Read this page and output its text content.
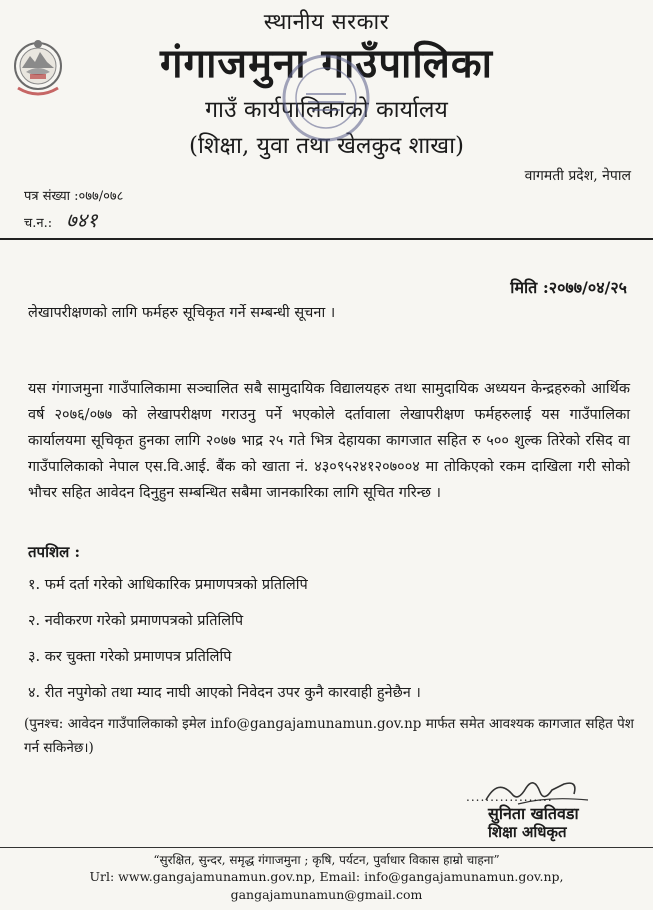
स्थानीय सरकार
गंगाजमुना गाउँपालिका
गाउँ कार्यपालिकाको कार्यालय
(शिक्षा, युवा तथा खेलकुद शाखा)
वागमती प्रदेश, नेपाल
पत्र संख्या :०७७/०७८
च.न.: ७४१
मिति :२०७७/०४/२५
लेखापरीक्षणको लागि फर्महरु सूचिकृत गर्ने सम्बन्धी सूचना ।
यस गंगाजमुना गाउँपालिकामा सञ्चालित सबै सामुदायिक विद्यालयहरु तथा सामुदायिक अध्ययन केन्द्रहरुको आर्थिक वर्ष २०७६/०७७ को लेखापरीक्षण गराउनु पर्ने भएकोले दर्तावाला लेखापरीक्षण फर्महरुलाई यस गाउँपालिका कार्यालयमा सूचिकृत हुनका लागि २०७७ भाद्र २५ गते भित्र देहायका कागजात सहित रु ५०० शुल्क तिरेको रसिद वा गाउँपालिकाको नेपाल एस.वि.आई. बैंक को खाता नं. ४३०९५२४१२०७००४ मा तोकिएको रकम दाखिला गरी सोको भौचर सहित आवेदन दिनुहुन सम्बन्धित सबैमा जानकारिका लागि सूचित गरिन्छ ।
तपशिल :
१. फर्म दर्ता गरेको आधिकारिक प्रमाणपत्रको प्रतिलिपि
२. नवीकरण गरेको प्रमाणपत्रको प्रतिलिपि
३. कर चुक्ता गरेको प्रमाणपत्र प्रतिलिपि
४. रीत नपुगेको तथा म्याद नाघी आएको निवेदन उपर कुनै कारवाही हुनेछैन ।
(पुनश्च: आवेदन गाउँपालिकाको इमेल info@gangajamunamun.gov.np मार्फत समेत आवश्यक कागजात सहित पेश गर्न सकिनेछ।)
..................
सुनिता खतिवडा
शिक्षा अधिकृत
“सुरक्षित, सुन्दर, समृद्ध गंगाजमुना ; कृषि, पर्यटन, पुर्वाधार विकास हाम्रो चाहना”
Url: www.gangajamunamun.gov.np, Email: info@gangajamunamun.gov.np,
gangajamunamun@gmail.com
